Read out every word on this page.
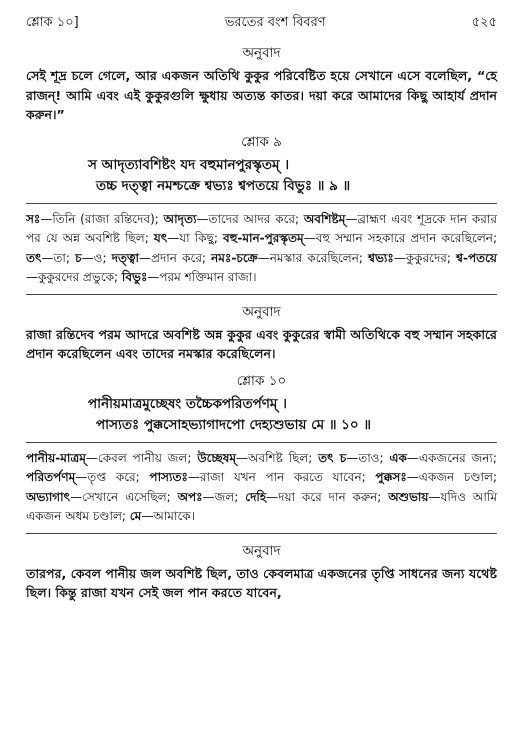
শ্লোক ১০]	ভরতের বংশ বিবরণ	৫২৫
অনুবাদ

সেই শূদ্র চলে গেলে, আর একজন অতিথি কুকুর পরিবেষ্টিত হয়ে সেখানে এসে বলেছিল, “হে রাজন্! আমি এবং এই কুকুরগুলি ক্ষুধায় অত্যন্ত কাতর। দয়া করে আমাদের কিছু আহার্য প্রদান করুন।”

শ্লোক ৯
স আদৃত্যাবশিষ্টং যদ বহুমানপুরস্কৃতম্ ।
তচ্চ দত্ত্বা নমশ্চক্রে শ্বভ্যঃ শ্বপতয়ে বিভুঃ ॥ ৯ ॥

সঃ—তিনি (রাজা রন্তিদেব); আদৃত্য—তাদের আদর করে; অবশিষ্টম্—ব্রাহ্মণ এবং শূদ্রকে দান করার পর যে অন্ন অবশিষ্ট ছিল; যৎ—যা কিছু; বহু-মান-পুরস্কৃতম্—বহু সম্মান সহকারে প্রদান করেছিলেন; তৎ—তা; চ—ও; দত্ত্বা—প্রদান করে; নমঃ-চক্রে—নমস্কার করেছিলেন; শ্বভ্যঃ—কুকুরদের; শ্ব-পতয়ে—কুকুরদের প্রভুকে; বিভুঃ—পরম শক্তিমান রাজা।

অনুবাদ

রাজা রন্তিদেব পরম আদরে অবশিষ্ট অন্ন কুকুর এবং কুকুরের স্বামী অতিথিকে বহু সম্মান সহকারে প্রদান করেছিলেন এবং তাদের নমস্কার করেছিলেন।

শ্লোক ১০
পানীয়মাত্রমুচ্ছেষং তচ্চৈকপরিতর্পণম্ ।
পাস্যতঃ পুক্কসোহভ্যাগাদপো দেহ্যশুভায় মে ॥ ১০ ॥

পানীয়-মাত্রম্—কেবল পানীয় জল; উচ্ছেষম্—অবশিষ্ট ছিল; তৎ চ—তাও; এক—একজনের জন্য; পরিতর্পণম্—তৃপ্ত করে; পাস্যতঃ—রাজা যখন পান করতে যাবেন; পুক্কসঃ—একজন চণ্ডাল; অভ্যাগাৎ—সেখানে এসেছিল; অপঃ—জল; দেহি—দয়া করে দান করুন; অশুভায়—যদিও আমি একজন অধম চণ্ডাল; মে—আমাকে।

অনুবাদ

তারপর, কেবল পানীয় জল অবশিষ্ট ছিল, তাও কেবলমাত্র একজনের তৃপ্তি সাধনের জন্য যথেষ্ট ছিল। কিন্তু রাজা যখন সেই জল পান করতে যাবেন,
